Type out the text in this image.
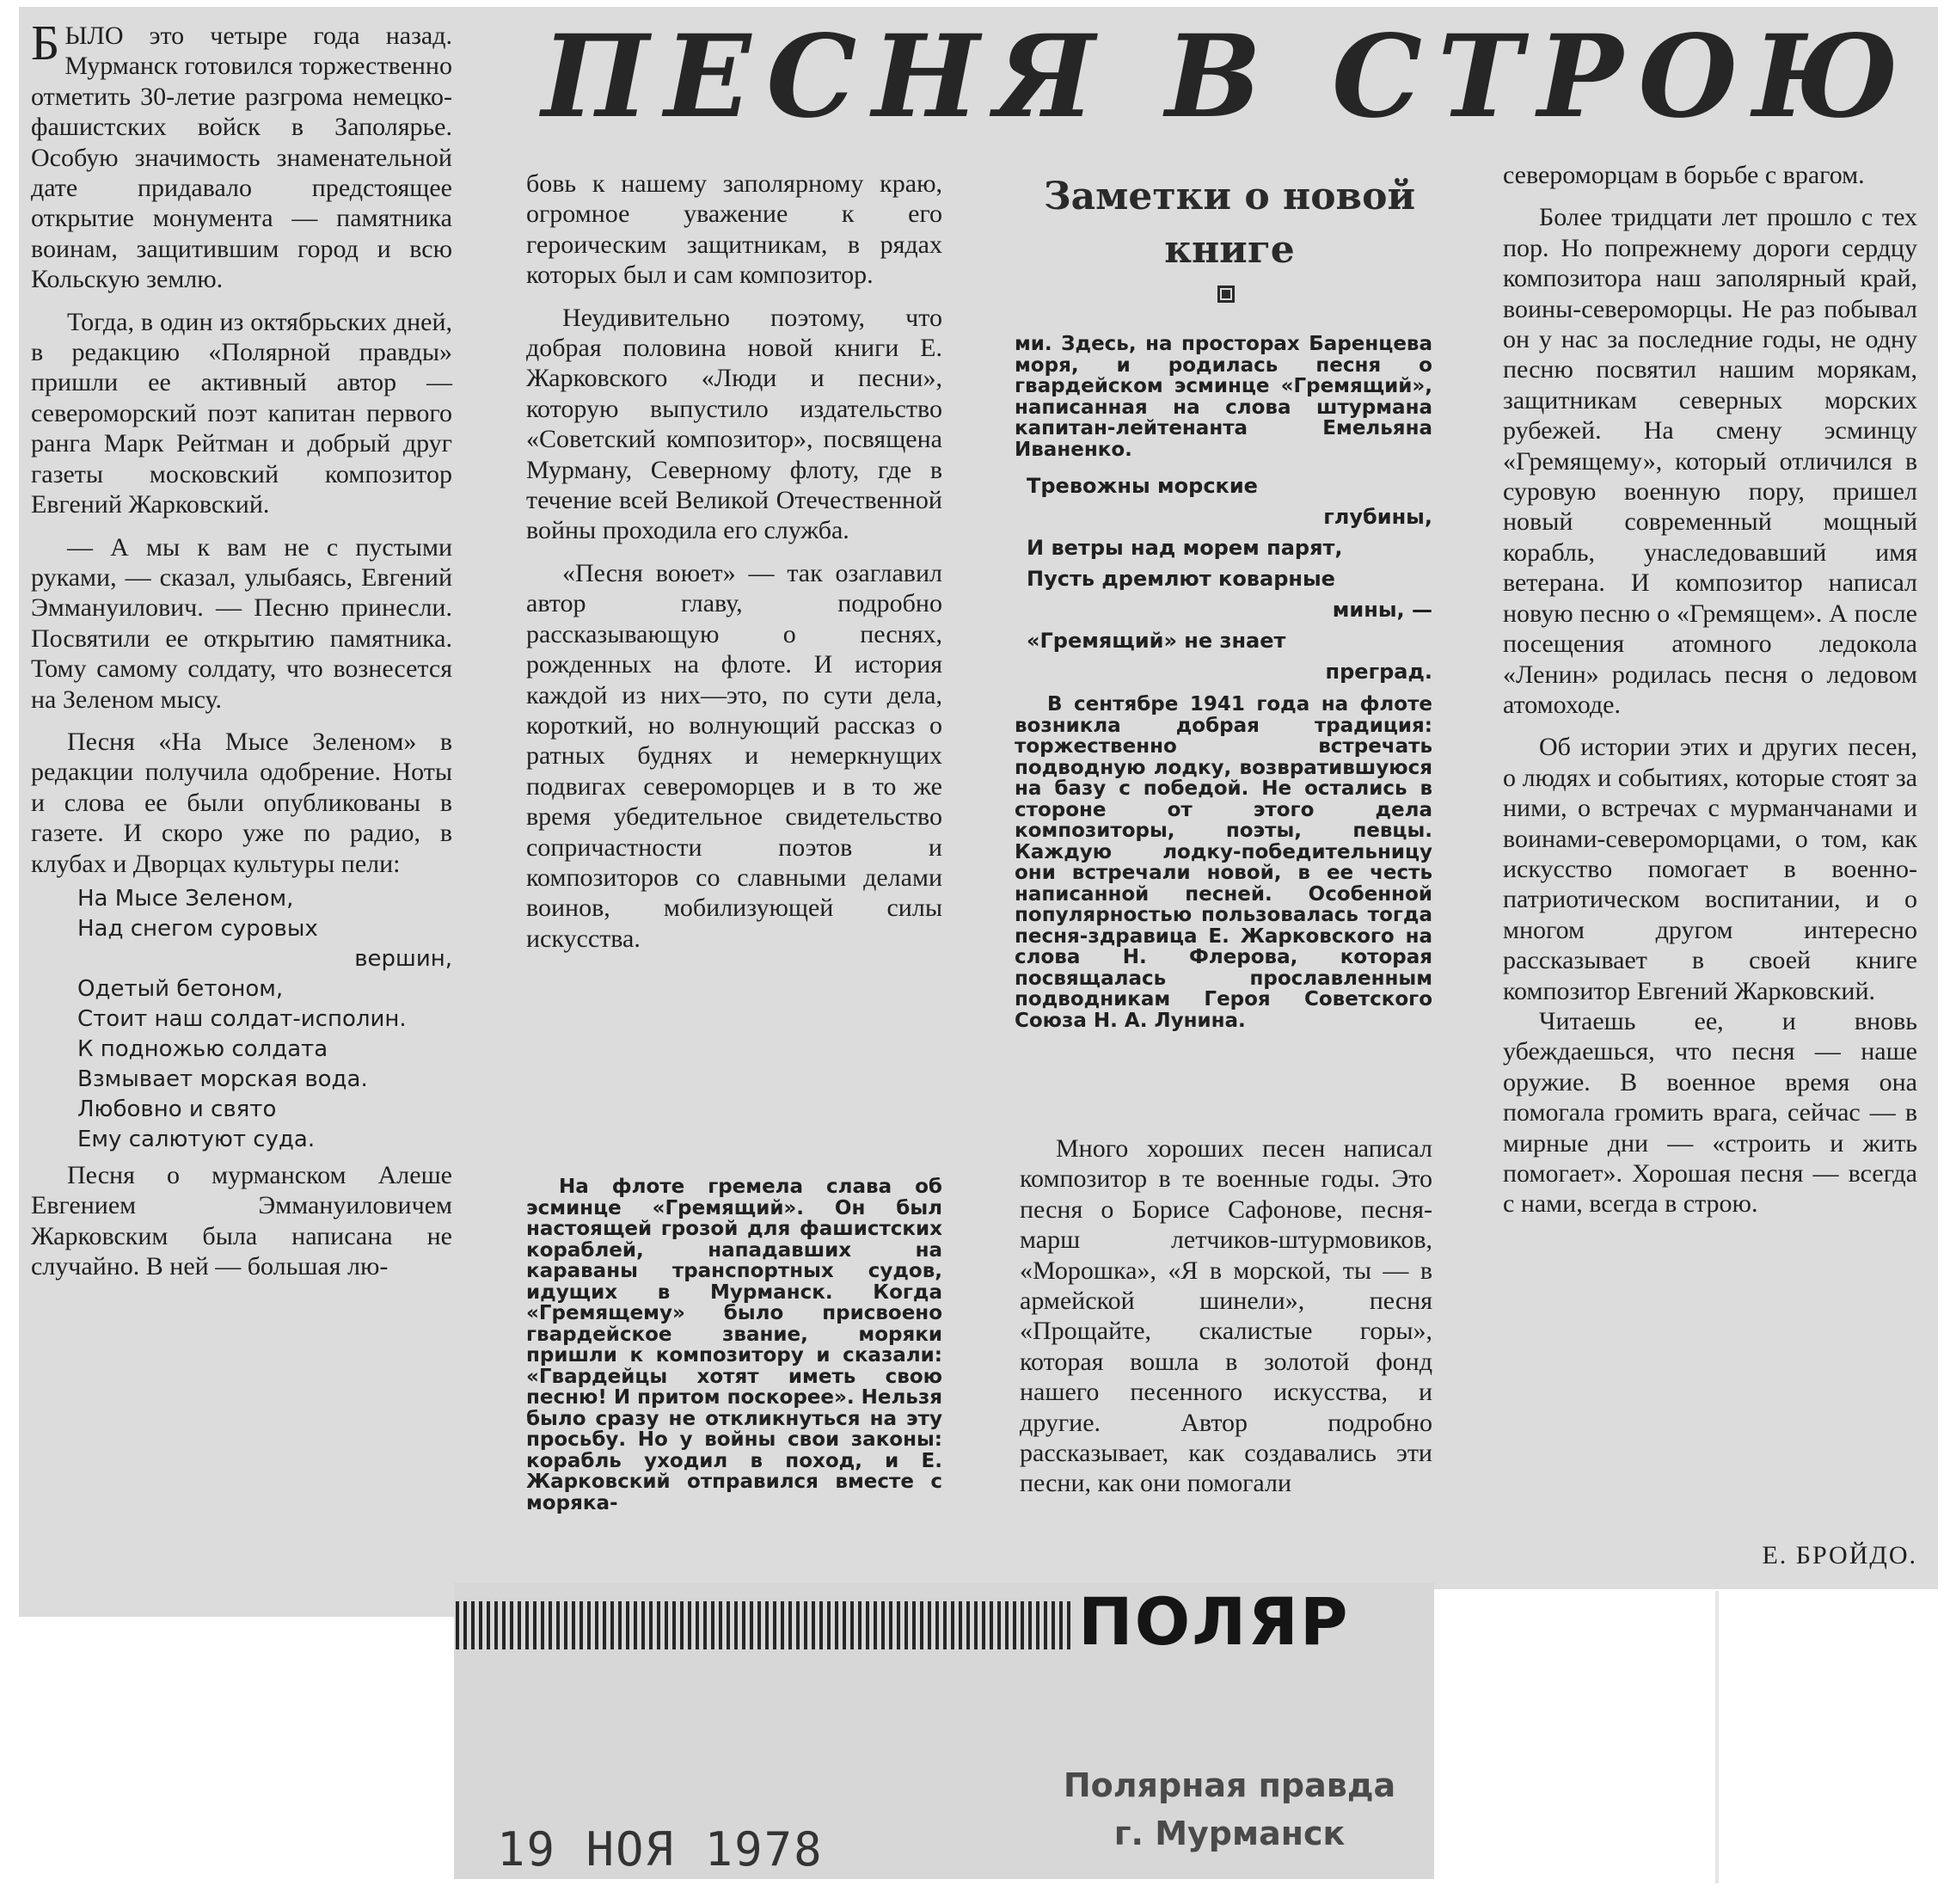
ПЕСНЯ В СТРОЮ

БЫЛО это четыре года назад. Мурманск готовился торжественно отметить 30-летие разгрома немецко-фашистских войск в Заполярье. Особую значимость знаменательной дате придавало предстоящее открытие монумента — памятника воинам, защитившим город и всю Кольскую землю.

Тогда, в один из октябрьских дней, в редакцию «Полярной правды» пришли ее активный автор — североморский поэт капитан первого ранга Марк Рейтман и добрый друг газеты московский композитор Евгений Жарковский.

— А мы к вам не с пустыми руками, — сказал, улыбаясь, Евгений Эммануилович. — Песню принесли. Посвятили ее открытию памятника. Тому самому солдату, что вознесется на Зеленом мысу.

Песня «На Мысе Зеленом» в редакции получила одобрение. Ноты и слова ее были опубликованы в газете. И скоро уже по радио, в клубах и Дворцах культуры пели:

На Мысе Зеленом,
Над снегом суровых
вершин,
Одетый бетоном,
Стоит наш солдат-исполин.
К подножью солдата
Взмывает морская вода.
Любовно и свято
Ему салютуют суда.

Песня о мурманском Алеше Евгением Эммануиловичем Жарковским была написана не случайно. В ней — большая лю-

бовь к нашему заполярному краю, огромное уважение к его героическим защитникам, в рядах которых был и сам композитор.

Неудивительно поэтому, что добрая половина новой книги Е. Жарковского «Люди и песни», которую выпустило издательство «Советский композитор», посвящена Мурману, Северному флоту, где в течение всей Великой Отечественной войны проходила его служба.

«Песня воюет» — так озаглавил автор главу, подробно рассказывающую о песнях, рожденных на флоте. И история каждой из них—это, по сути дела, короткий, но волнующий рассказ о ратных буднях и немеркнущих подвигах североморцев и в то же время убедительное свидетельство сопричастности поэтов и композиторов со славными делами воинов, мобилизующей силы искусства.

На флоте гремела слава об эсминце «Гремящий». Он был настоящей грозой для фашистских кораблей, нападавших на караваны транспортных судов, идущих в Мурманск. Когда «Гремящему» было присвоено гвардейское звание, моряки пришли к композитору и сказали: «Гвардейцы хотят иметь свою песню! И притом поскорее». Нельзя было сразу не откликнуться на эту просьбу. Но у войны свои законы: корабль уходил в поход, и Е. Жарковский отправился вместе с моряка-

Заметки о новой книге

ми. Здесь, на просторах Баренцева моря, и родилась песня о гвардейском эсминце «Гремящий», написанная на слова штурмана капитан-лейтенанта Емельяна Иваненко.

Тревожны морские
глубины,
И ветры над морем парят,
Пусть дремлют коварные
мины, —
«Гремящий» не знает
преград.

В сентябре 1941 года на флоте возникла добрая традиция: торжественно встречать подводную лодку, возвратившуюся на базу с победой. Не остались в стороне от этого дела композиторы, поэты, певцы. Каждую лодку-победительницу они встречали новой, в ее честь написанной песней. Особенной популярностью пользовалась тогда песня-здравица Е. Жарковского на слова Н. Флерова, которая посвящалась прославленным подводникам Героя Советского Союза Н. А. Лунина.

Много хороших песен написал композитор в те военные годы. Это песня о Борисе Сафонове, песня-марш летчиков-штурмовиков, «Морошка», «Я в морской, ты — в армейской шинели», песня «Прощайте, скалистые горы», которая вошла в золотой фонд нашего песенного искусства, и другие. Автор подробно рассказывает, как создавались эти песни, как они помогали

североморцам в борьбе с врагом.

Более тридцати лет прошло с тех пор. Но попрежнему дороги сердцу композитора наш заполярный край, воины-североморцы. Не раз побывал он у нас за последние годы, не одну песню посвятил нашим морякам, защитникам северных морских рубежей. На смену эсминцу «Гремящему», который отличился в суровую военную пору, пришел новый современный мощный корабль, унаследовавший имя ветерана. И композитор написал новую песню о «Гремящем». А после посещения атомного ледокола «Ленин» родилась песня о ледовом атомоходе.

Об истории этих и других песен, о людях и событиях, которые стоят за ними, о встречах с мурманчанами и воинами-североморцами, о том, как искусство помогает в военно-патриотическом воспитании, и о многом другом интересно рассказывает в своей книге композитор Евгений Жарковский.

Читаешь ее, и вновь убеждаешься, что песня — наше оружие. В военное время она помогала громить врага, сейчас — в мирные дни — «строить и жить помогает». Хорошая песня — всегда с нами, всегда в строю.

Е. БРОЙДО.
ПОЛЯР
19 НОЯ 1978
Полярная правда
г. Мурманск
